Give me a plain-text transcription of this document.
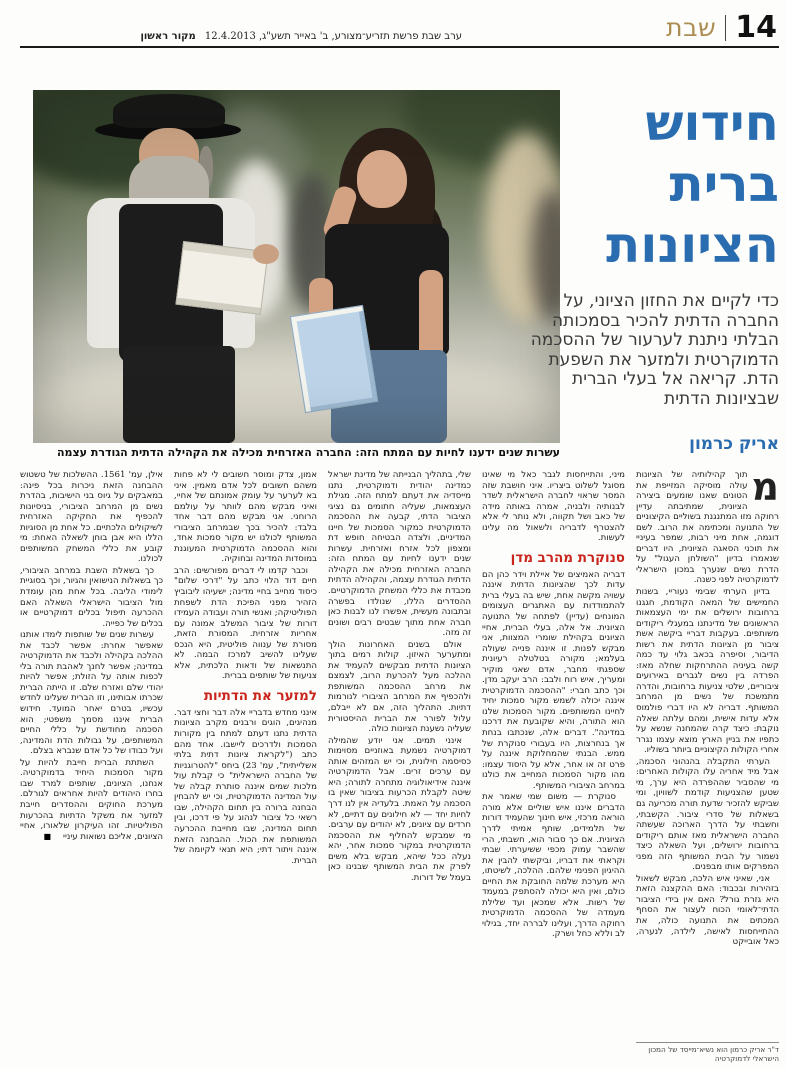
שבת 14
ערב שבת פרשת תזריע־מצורע, ב' באייר תשע"ג, 12.4.2013 מקור ראשון
חידוש
ברית
הציונות
כדי לקיים את החזון הציוני, על החברה הדתית להכיר בסמכותה הבלתי ניתנת לערעור של ההסכמה הדמוקרטית ולמזער את השפעת הדת. קריאה אל בעלי הברית שבציונות הדתית
אריק כרמון
עשרות שנים ידענו לחיות עם המתח הזה: החברה האזרחית מכילה את הקהילה הדתית הגודרת עצמה

מ
תוך קהילותיה של הציונות עולה מוסיקה המזייפת את הטונים שאנו שומעים ביצירה הציונית, שמתיבתה עדיין רחוקה מזו המתנגנת בשוליים הקיצוניים של התנועה ומכתימה את הרוב. לשם דוגמה, אחת מיני רבות, שמפר בעיניי את תוכני הסאגה הציונית, היו דברים שנאמרו בדיון "השולחן העגול" על הדרת נשים שנערך במכון הישראלי לדמוקרטיה לפני כשנה.

בדיון הערתי שבימי נעוריי, בשנות החמישים של המאה הקודמת, חגגנו ברחובות ירושלים את ימי העצמאות הראשונים של מדינתנו במעגלי ריקודים משותפים. בעקבות דבריי ביקשה אשת ציבור מן הציונות הדתית את רשות הדיבור, וסיפרה בכאב גלוי עד כמה קשה בעיניה ההתרחקות שחלה מאז: הפרדה בין נשים לגברים באירועים ציבוריים, שלטי צניעות ברחובות, והדרה מתמשכת של נשים מן המרחב המשותף. דבריה לא היו דברי פולמוס אלא עדות אישית, ומהם עלתה שאלה נוקבת: כיצד קרה שהמחנה שנשא על כתפיו את בניין הארץ מוצא עצמו נגרר אחרי הקולות הקיצוניים ביותר בשוליו.

הערתי התקבלה בהנהוני הסכמה, אבל מיד אחריה עלו הקולות האחרים: מי שהסביר שההפרדה היא ערך, מי שטען שהצניעות קודמת לשוויון, ומי שביקש להזכיר שדעת תורה מכריעה גם בשאלות של סדרי ציבור. הקשבתי, וחשבתי על הדרך הארוכה שעשתה החברה הישראלית מאז אותם ריקודים ברחובות ירושלים, ועל השאלה כיצד נשמור על הבית המשותף הזה מפני המפרקים אותו מבפנים.

אני, שאיני איש הלכה, מבקש לשאול בזהירות ובכבוד: האם ההקצנה הזאת היא גזרת גורל? האם אין בידי הציבור הדתי־לאומי הכוח לעצור את הסחף המכתים את התנועה כולה, את ההתייחסות לאישה, לילדה, לנערה, כאל אובייקט

מיני, והתייחסות לגבר כאל מי שאינו מסוגל לשלוט ביצריו. איני חושבת שזה המסר שראוי לחברה הישראלית לשדר לבנותיה ולבניה, אמרה באותה מידה של כאב ושל תקווה, ולא נותר לי אלא להצטרף לדבריה ולשאול מה עלינו לעשות.

סנוקרת מהרב מדן

דבריה האמיצים של איילת וידר כהן הם עדות לכך שהציונות הדתית איננה עשויה מקשה אחת, שיש בה בעלי ברית להתמודדות עם האתגרים העצומים המונחים (עדיין) לפתחה של התנועה הציונית. אל אלה, בעלי הברית, אחיי הציונים בקהילת שומרי המצוות, אני מבקש לפנות. זו איננה פנייה שעולה בעלמא; מקורה בטלטלה רעיונית שספגתי מחבר, אדם שאני מוקיר ומעריך, איש רוח ולבב: הרב יעקב מדן. וכך כתב חברי: "ההסכמה הדמוקרטית איננה יכולה לשמש מקור סמכות יחיד לחיינו המשותפים. מקור הסמכות שלנו הוא התורה, והיא שקובעת את דרכנו במדינה". דברים אלה, שנכתבו בנחת אך בנחרצות, היו בעבורי סנוקרת של ממש. הבנתי שהמחלוקת איננה על פרט זה או אחר, אלא על היסוד עצמו: מהו מקור הסמכות המחייב את כולנו במרחב הציבורי המשותף.

סנוקרת — משום שמי שאמר את הדברים איננו איש שוליים אלא מורה הוראה מרכזי, איש חינוך שהעמיד דורות של תלמידים, שותף אמיתי לדרך הציונית. אם כך סבור הוא, חשבתי, הרי שהשבר עמוק מכפי ששיערתי. שבתי וקראתי את דבריו, וביקשתי להבין את ההיגיון הפנימי שלהם. ההלכה, לשיטתו, היא מערכת שלמה החובקת את החיים כולם, ואין היא יכולה להסתפק במעמד של רשות. אלא שמכאן ועד שלילת מעמדה של ההסכמה הדמוקרטית רחוקה הדרך, ועלינו לבררה יחד, בגילוי לב וללא כחל ושרק.

שלי, בתהליך הבנייתה של מדינת ישראל כמדינה יהודית ודמוקרטית, נתנו מייסדיה את דעתם למתח הזה. מגילת העצמאות, שעליה חתומים גם נציגי הציבור הדתי, קבעה את ההסכמה הדמוקרטית כמקור הסמכות של חיינו המדיניים, ולצדה הבטיחה חופש דת ומצפון לכל אזרח ואזרחית. עשרות שנים ידענו לחיות עם המתח הזה: החברה האזרחית מכילה את הקהילה הדתית הגודרת עצמה, והקהילה הדתית מכבדת את כללי המשחק הדמוקרטיים. ההסדרים הללו, שנולדו בפשרה ובתבונה מעשית, אפשרו לנו לבנות כאן חברה אחת מתוך שבטים רבים ושונים זה מזה.

אולם בשנים האחרונות הולך ומתערער האיזון. קולות רמים בתוך הציונות הדתית מבקשים להעמיד את ההלכה מעל להכרעת הרוב, לצמצם את מרחב ההסכמה המשותפת ולהכפיף את המרחב הציבורי לנורמות דתיות. התהליך הזה, אם לא ייבלם, עלול לפורר את הברית ההיסטורית שעליה נשענת הציונות כולה.

אינני תמים. אני יודע שהמילה דמוקרטיה נשמעת באוזניים מסוימות כסיסמה חילונית, וכי יש המזהים אותה עם ערכים זרים. אבל הדמוקרטיה איננה אידיאולוגיה מתחרה לתורה; היא שיטה לקבלת הכרעות בציבור שאין בו הסכמה על האמת. בלעדיה אין לנו דרך לחיות יחד — לא חילונים עם דתיים, לא חרדים עם ציונים, לא יהודים עם ערבים. מי שמבקש להחליף את ההסכמה הדמוקרטית במקור סמכות אחר, יהא נעלה ככל שיהא, מבקש בלא משים לפרק את הבית המשותף שבנינו כאן בעמל של דורות.

אמון, צדק ומוסר חשובים לי לא פחות משהם חשובים לכל אדם מאמין. איני בא לערער על עומק אמונתם של אחיי, ואיני מבקש מהם לוותר על עולמם הרוחני. אני מבקש מהם דבר אחד בלבד: להכיר בכך שבמרחב הציבורי המשותף לכולנו יש מקור סמכות אחד, והוא ההסכמה הדמוקרטית המעוגנת במוסדות המדינה ובחוקיה.

וכבר קדמו לי דברים מפורשים: הרב חיים דוד הלוי כתב על "דרכי שלום" כיסוד מחייב בחיי מדינה; ישעיהו ליבוביץ הזהיר מפני הפיכת הדת לשפחת הפוליטיקה; ואנשי תורה ועבודה העמידו דורות של ציבור המשלב אמונה עם אחריות אזרחית. המסורת הזאת, מסורת של ענווה פוליטית, היא הנכס שעלינו להשיב למרכז הבמה. לא התנשאות של ודאות הלכתית, אלא צניעות של שותפים בברית.

למזער את הדתיות

אינני מחדש בדבריי אלה דבר וחצי דבר. מנהיגים, הוגים ורבנים מקרב הציונות הדתית נתנו דעתם למתח בין מקורות הסמכות ולדרכים ליישבו. אחד מהם כתב ("לקראת ציונות דתית בלתי אשלייתית", עמ' 23) ביחס "להטרוגניות של החברה הישראלית" כי קבלת עול מלכות שמים איננה סותרת קבלה של עול המדינה הדמוקרטית, וכי יש להבחין הבחנה ברורה בין תחום הקהילה, שבו רשאי כל ציבור לנהוג על פי דרכו, ובין תחום המדינה, שבו מחייבת ההכרעה המשותפת את הכול. ההבחנה הזאת איננה ויתור דתי; היא תנאי לקיומה של הברית.

אילן, עמ' 1561. ההשלכות של טשטוש ההבחנה הזאת ניכרות בכל פינה: במאבקים על גיוס בני הישיבות, בהדרת נשים מן המרחב הציבורי, בניסיונות להכפיף את החקיקה האזרחית לשיקולים הלכתיים. כל אחת מן הסוגיות הללו היא אבן בוחן לשאלה האחת: מי קובע את כללי המשחק המשותפים לכולנו.

כך בשאלת השבת במרחב הציבורי, כך בשאלות הנישואין והגיור, וכך בסוגיית לימודי הליבה. בכל אחת מהן עומדת מול הציבור הישראלי השאלה האם ההכרעה תיפול בכלים דמוקרטיים או בכלים של כפייה.

עשרות שנים של שותפות לימדו אותנו שאפשר אחרת: אפשר לכבד את ההלכה בקהילה ולכבד את הדמוקרטיה במדינה; אפשר לחנך לאהבת תורה בלי לכפות אותה על הזולת; אפשר להיות יהודי שלם ואזרח שלם. זו הייתה הברית שכרתו אבותינו, וזו הברית שעלינו לחדש עכשיו, בטרם יאחר המועד. חידוש הברית איננו מסמך משפטי; הוא הסכמה מחודשת על כללי החיים המשותפים, על גבולות הדת והמדינה, ועל כבודו של כל אדם שנברא בצלם.

השתתת הברית חייבת להיות על מקור הסמכות היחיד בדמוקרטיה. אנחנו, הציונים, שותפים למרד שבו בחרו היהודים להיות אחראים לגורלם. מערכת החוקים וההסדרים חייבת למזער את משקל הדתיות בהכרעות הפוליטיות. זהו העיקרון שלאורו, אחיי הציונים, אליכם נשואות עיניי■

ד"ר אריק כרמון הוא נשיא־מייסד של המכון הישראלי לדמוקרטיה
